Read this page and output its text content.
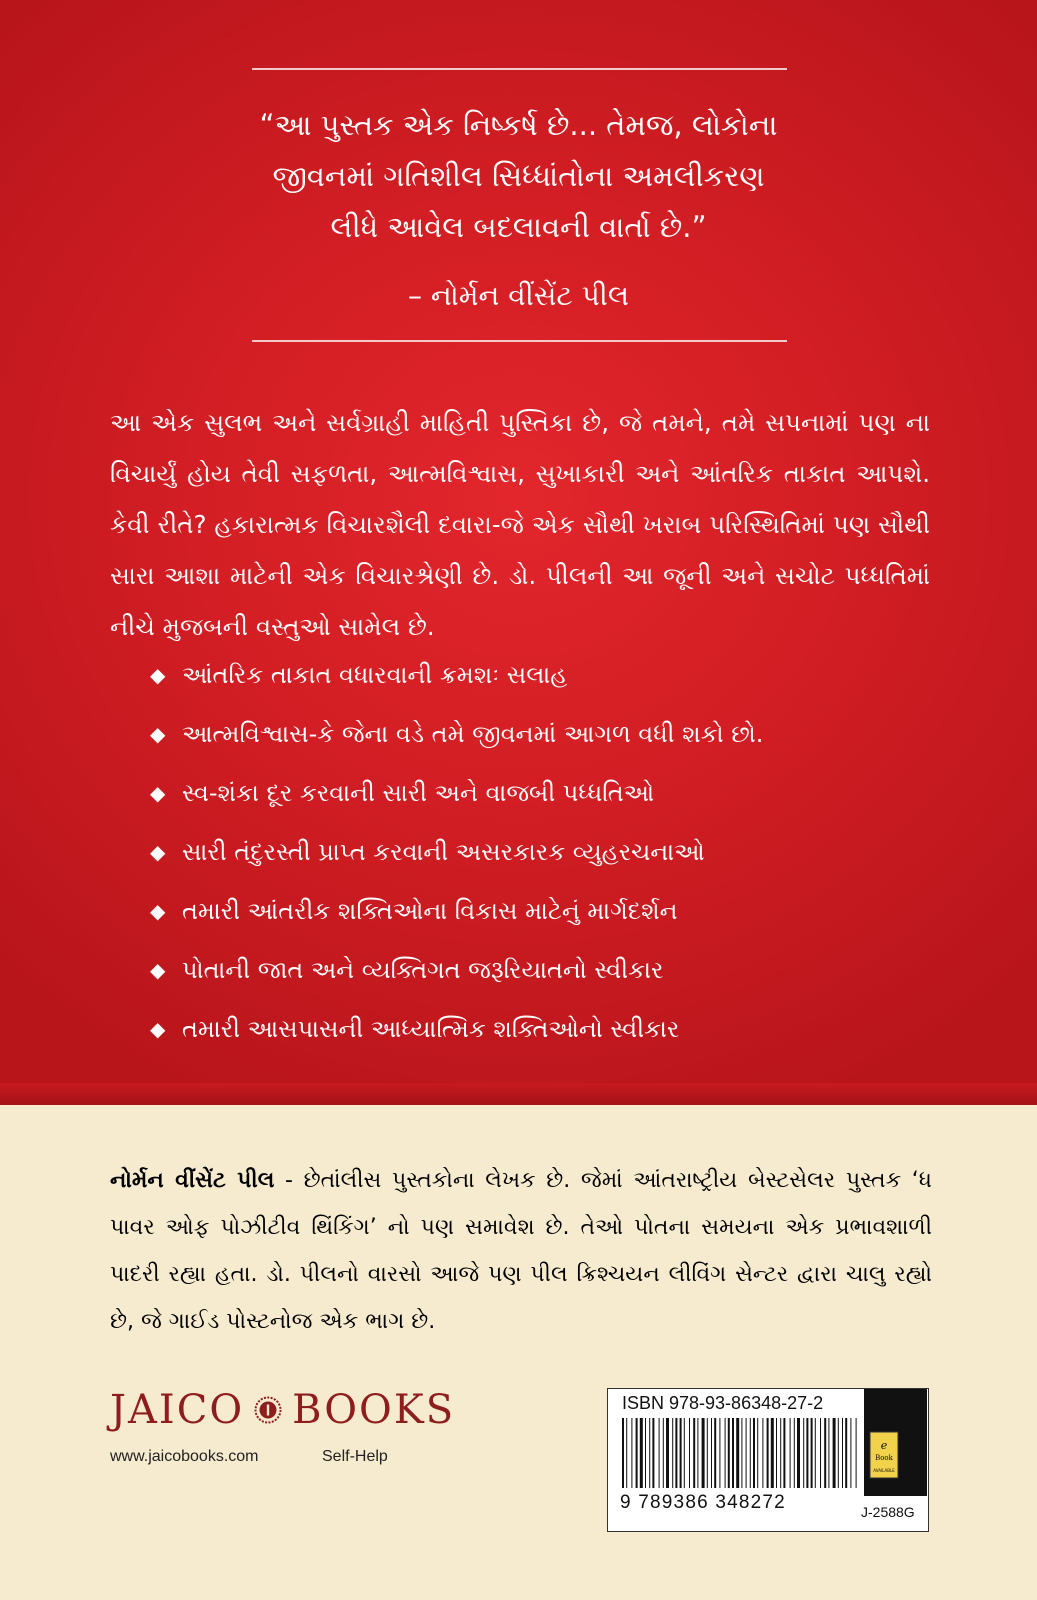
“આ પુસ્તક એક નિષ્કર્ષ છે... તેમજ, લોકોના
જીવનમાં ગતિશીલ સિધ્ધાંતોના અમલીકરણ
લીધે આવેલ બદલાવની વાર્તા છે.”

– નોર્મન વીંસેંટ પીલ

આ એક સુલભ અને સર્વગ્રાહી માહિતી પુસ્તિકા છે, જે તમને, તમે સપનામાં પણ ના વિચાર્યું હોય તેવી સફળતા, આત્મવિશ્વાસ, સુખાકારી અને આંતરિક તાકાત આપશે. કેવી રીતે? હકારાત્મક વિચારશૈલી દવારા-જે એક સૌથી ખરાબ પરિસ્થિતિમાં પણ સૌથી સારા આશા માટેની એક વિચારશ્રેણી છે. ડો. પીલની આ જૂની અને સચોટ પધ્ધતિમાં નીચે મુજબની વસ્તુઓ સામેલ છે.

◆ આંતરિક તાકાત વધારવાની ક્રમશઃ સલાહ
◆ આત્મવિશ્વાસ-કે જેના વડે તમે જીવનમાં આગળ વધી શકો છો.
◆ સ્વ-શંકા દૂર કરવાની સારી અને વાજબી પધ્ધતિઓ
◆ સારી તંદુરસ્તી પ્રાપ્ત કરવાની અસરકારક વ્યુહરચનાઓ
◆ તમારી આંતરીક શક્તિઓના વિકાસ માટેનું માર્ગદર્શન
◆ પોતાની જાત અને વ્યક્તિગત જરૂરિયાતનો સ્વીકાર
◆ તમારી આસપાસની આધ્યાત્મિક શક્તિઓનો સ્વીકાર

નોર્મન વીંસેંટ પીલ - છેતાંલીસ પુસ્તકોના લેખક છે. જેમાં આંતરાષ્ટ્રીય બેસ્ટસેલર પુસ્તક ‘ધ પાવર ઓફ પોઝીટીવ થિંકિંગ’ નો પણ સમાવેશ છે. તેઓ પોતના સમયના એક પ્રભાવશાળી પાદરી રહ્યા હતા. ડો. પીલનો વારસો આજે પણ પીલ ક્રિશ્ચયન લીવિંગ સેન્ટર દ્વારા ચાલુ રહ્યો છે, જે ગાઈડ પોસ્ટનોજ એક ભાગ છે.

JAICO BOOKS
www.jaicobooks.com	Self-Help
ISBN 978-93-86348-27-2
9 789386 348272
e
Book
AVAILABLE
J-2588G
